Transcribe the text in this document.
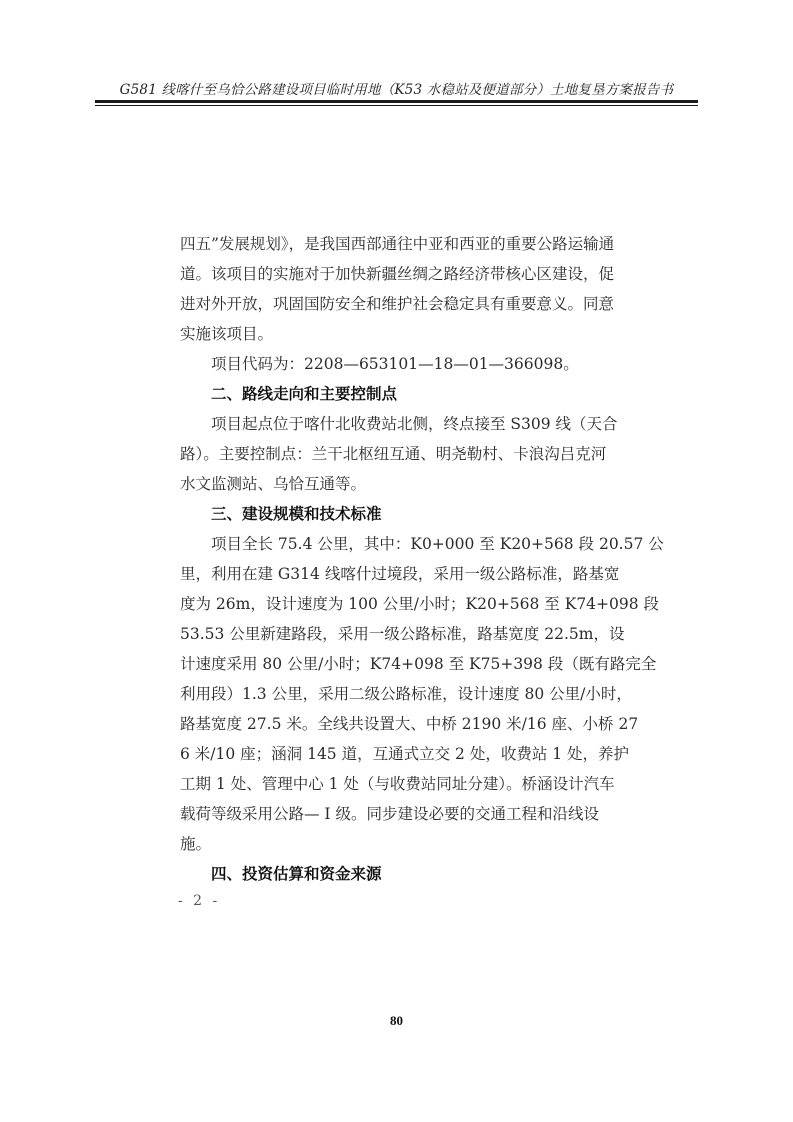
G581 线喀什至乌恰公路建设项目临时用地（K53 水稳站及便道部分）土地复垦方案报告书
四五”发展规划》，是我国西部通往中亚和西亚的重要公路运输通
道。该项目的实施对于加快新疆丝绸之路经济带核心区建设，促
进对外开放，巩固国防安全和维护社会稳定具有重要意义。同意
实施该项目。
项目代码为：2208—653101—18—01—366098。
二、路线走向和主要控制点
项目起点位于喀什北收费站北侧，终点接至 S309 线（天合
路）。主要控制点：兰干北枢纽互通、明尧勒村、卡浪沟吕克河
水文监测站、乌恰互通等。
三、建设规模和技术标准
项目全长 75.4 公里，其中：K0+000 至 K20+568 段 20.57 公
里，利用在建 G314 线喀什过境段，采用一级公路标准，路基宽
度为 26m，设计速度为 100 公里/小时；K20+568 至 K74+098 段
53.53 公里新建路段，采用一级公路标准，路基宽度 22.5m，设
计速度采用 80 公里/小时；K74+098 至 K75+398 段（既有路完全
利用段）1.3 公里，采用二级公路标准，设计速度 80 公里/小时，
路基宽度 27.5 米。全线共设置大、中桥 2190 米/16 座、小桥 27
6 米/10 座；涵洞 145 道，互通式立交 2 处，收费站 1 处，养护
工期 1 处、管理中心 1 处（与收费站同址分建）。桥涵设计汽车
载荷等级采用公路— I 级。同步建设必要的交通工程和沿线设
施。
四、投资估算和资金来源
- 2 -
80
